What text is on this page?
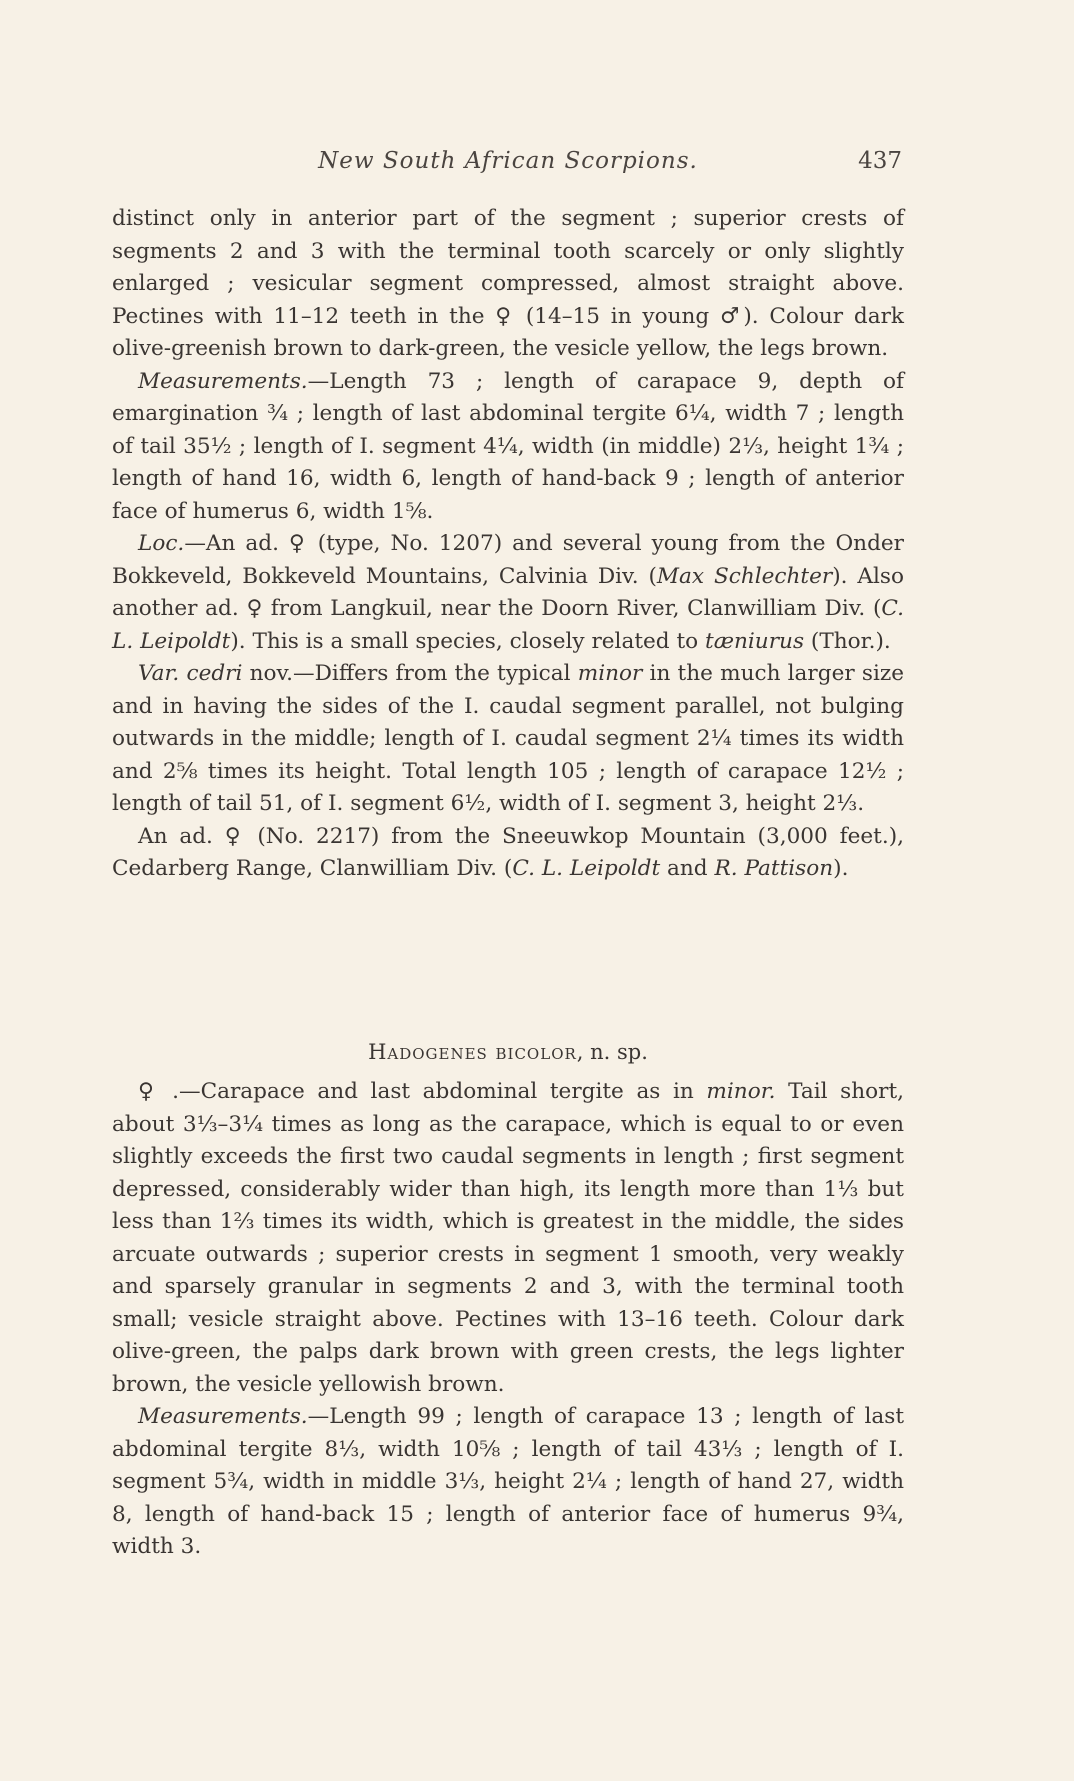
New South African Scorpions.	437

distinct only in anterior part of the segment ; superior crests of segments 2 and 3 with the terminal tooth scarcely or only slightly enlarged ; vesicular segment compressed, almost straight above. Pectines with 11–12 teeth in the ♀ (14–15 in young ♂). Colour dark olive-greenish brown to dark-green, the vesicle yellow, the legs brown.

Measurements.—Length 73 ; length of carapace 9, depth of emargination ¾ ; length of last abdominal tergite 6¼, width 7 ; length of tail 35½ ; length of I. segment 4¼, width (in middle) 2⅓, height 1¾ ; length of hand 16, width 6, length of hand-back 9 ; length of anterior face of humerus 6, width 1⅝.

Loc.—An ad. ♀ (type, No. 1207) and several young from the Onder Bokkeveld, Bokkeveld Mountains, Calvinia Div. (Max Schlechter). Also another ad. ♀ from Langkuil, near the Doorn River, Clanwilliam Div. (C. L. Leipoldt). This is a small species, closely related to tæniurus (Thor.).

Var. cedri nov.—Differs from the typical minor in the much larger size and in having the sides of the I. caudal segment parallel, not bulging outwards in the middle; length of I. caudal segment 2¼ times its width and 2⅝ times its height. Total length 105 ; length of carapace 12½ ; length of tail 51, of I. segment 6½, width of I. segment 3, height 2⅓.

An ad. ♀ (No. 2217) from the Sneeuwkop Mountain (3,000 feet.), Cedarberg Range, Clanwilliam Div. (C. L. Leipoldt and R. Pattison).

Hadogenes bicolor, n. sp.

♀ .—Carapace and last abdominal tergite as in minor. Tail short, about 3⅓–3¼ times as long as the carapace, which is equal to or even slightly exceeds the first two caudal segments in length ; first segment depressed, considerably wider than high, its length more than 1⅓ but less than 1⅔ times its width, which is greatest in the middle, the sides arcuate outwards ; superior crests in segment 1 smooth, very weakly and sparsely granular in segments 2 and 3, with the terminal tooth small; vesicle straight above. Pectines with 13–16 teeth. Colour dark olive-green, the palps dark brown with green crests, the legs lighter brown, the vesicle yellowish brown.

Measurements.—Length 99 ; length of carapace 13 ; length of last abdominal tergite 8⅓, width 10⅝ ; length of tail 43⅓ ; length of I. segment 5¾, width in middle 3⅓, height 2¼ ; length of hand 27, width 8, length of hand-back 15 ; length of anterior face of humerus 9¾, width 3.
